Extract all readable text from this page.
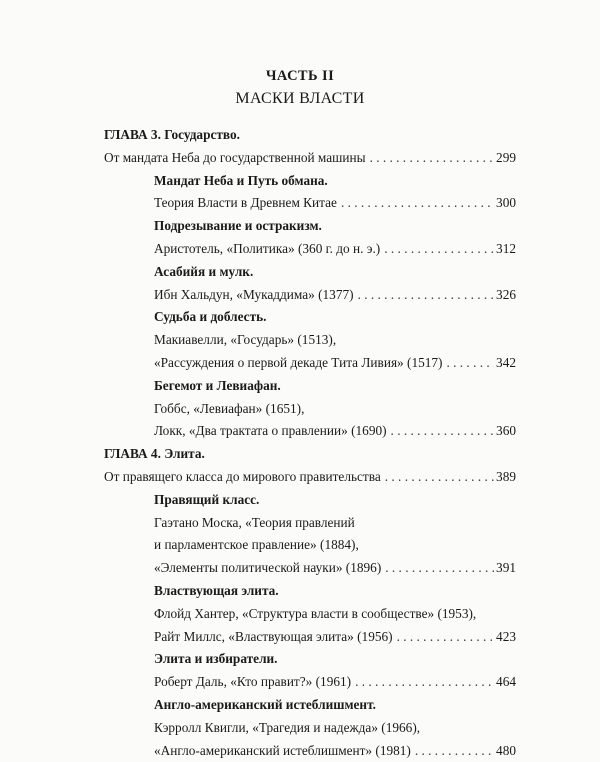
ЧАСТЬ II
МАСКИ ВЛАСТИ
ГЛАВА 3. Государство.
От мандата Неба до государственной машины . . .	299
Мандат Неба и Путь обмана.
Теория Власти в Древнем Китае . . .	300
Подрезывание и остракизм.
Аристотель, «Политика» (360 г. до н. э.) . . .	312
Асабийя и мулк.
Ибн Хальдун, «Мукаддима» (1377) . . .	326
Судьба и доблесть.
Макиавелли, «Государь» (1513),
«Рассуждения о первой декаде Тита Ливия» (1517) . . .	342
Бегемот и Левиафан.
Гоббс, «Левиафан» (1651),
Локк, «Два трактата о правлении» (1690) . . .	360
ГЛАВА 4. Элита.
От правящего класса до мирового правительства . . .	389
Правящий класс.
Гаэтано Моска, «Теория правлений
и парламентское правление» (1884),
«Элементы политической науки» (1896) . . .	391
Властвующая элита.
Флойд Хантер, «Структура власти в сообществе» (1953),
Райт Миллс, «Властвующая элита» (1956) . . .	423
Элита и избиратели.
Роберт Даль, «Кто правит?» (1961) . . .	464
Англо-американский истеблишмент.
Кэрролл Квигли, «Трагедия и надежда» (1966),
«Англо-американский истеблишмент» (1981) . . .	480
